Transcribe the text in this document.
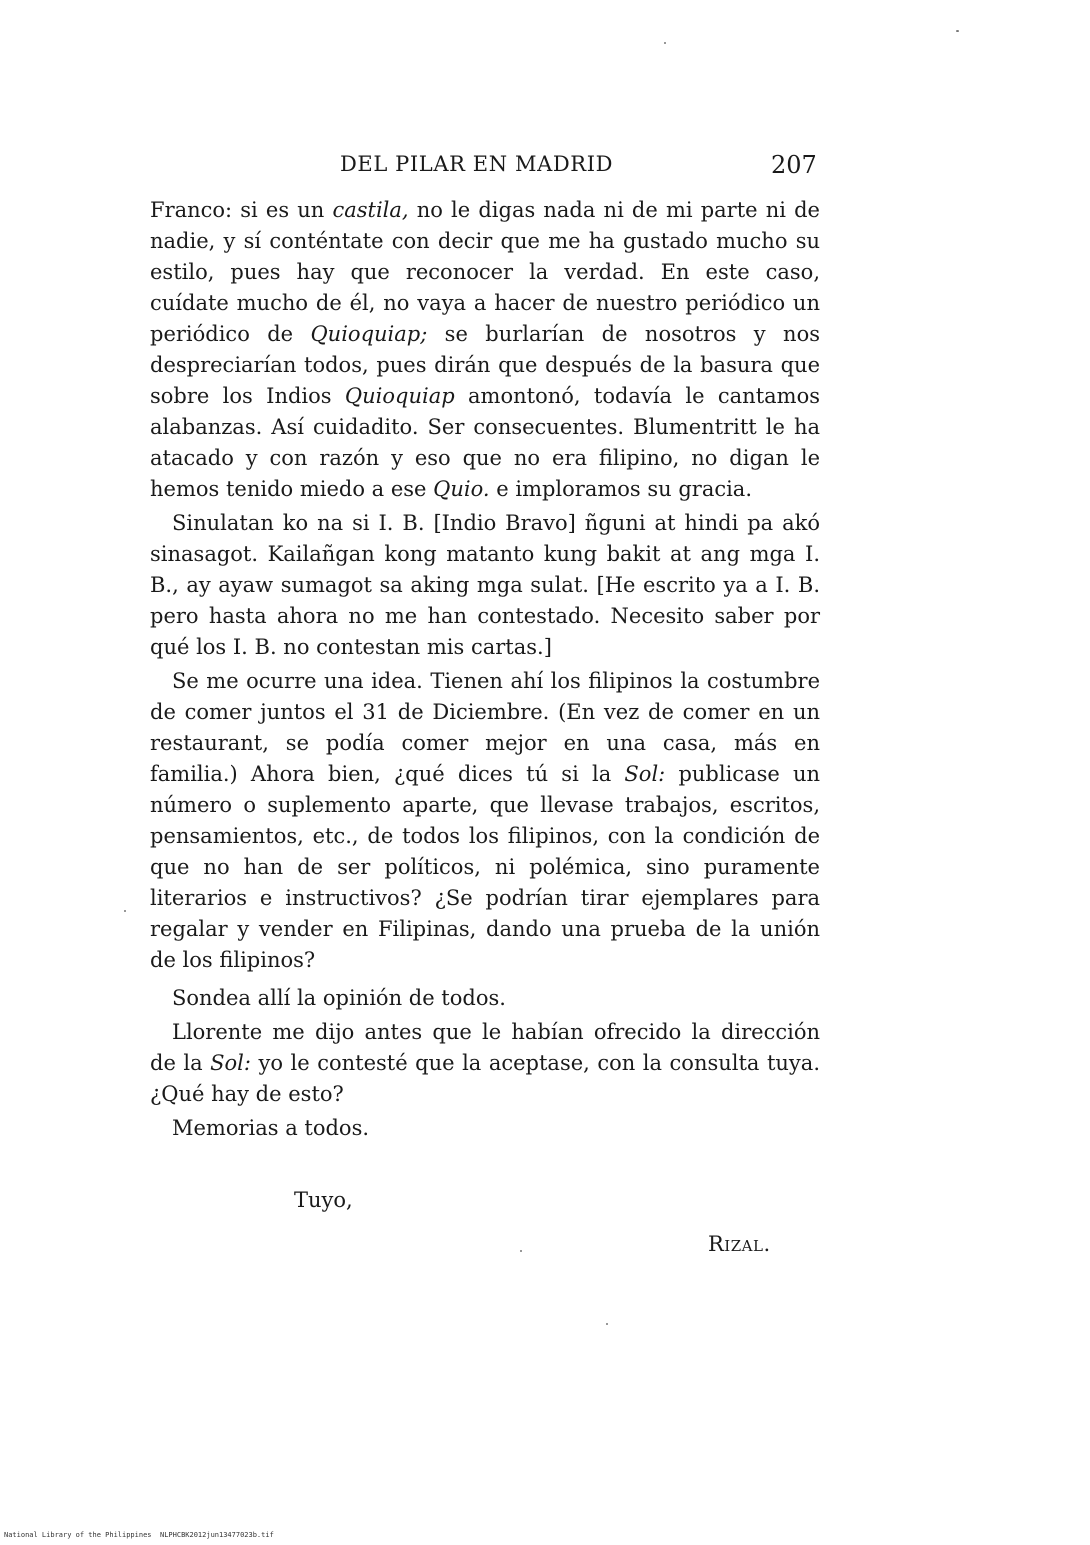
DEL PILAR EN MADRID	207

Franco: si es un castila, no le digas nada ni de mi parte ni de nadie, y sí conténtate con decir que me ha gustado mucho su estilo, pues hay que reconocer la verdad. En este caso, cuídate mucho de él, no vaya a hacer de nuestro periódico un periódico de Quioquiap; se burlarían de nosotros y nos despreciarían todos, pues dirán que después de la basura que sobre los Indios Quioquiap amontonó, todavía le cantamos alabanzas. Así cuidadito. Ser consecuentes. Blumentritt le ha atacado y con razón y eso que no era filipino, no digan le hemos tenido miedo a ese Quio. e imploramos su gracia.

Sinulatan ko na si I. B. [Indio Bravo] ñguni at hindi pa akó sinasagot. Kailañgan kong matanto kung bakit at ang mga I. B., ay ayaw sumagot sa aking mga sulat. [He escrito ya a I. B. pero hasta ahora no me han contestado. Necesito saber por qué los I. B. no contestan mis cartas.]

Se me ocurre una idea. Tienen ahí los filipinos la costumbre de comer juntos el 31 de Diciembre. (En vez de comer en un restaurant, se podía comer mejor en una casa, más en familia.) Ahora bien, ¿qué dices tú si la Sol: publicase un número o suplemento aparte, que llevase trabajos, escritos, pensamientos, etc., de todos los filipinos, con la condición de que no han de ser políticos, ni polémica, sino puramente literarios e instructivos? ¿Se podrían tirar ejemplares para regalar y vender en Filipinas, dando una prueba de la unión de los filipinos?

Sondea allí la opinión de todos.

Llorente me dijo antes que le habían ofrecido la dirección de la Sol: yo le contesté que la aceptase, con la consulta tuya. ¿Qué hay de esto?

Memorias a todos.

Tuyo,
Rizal.
National Library of the Philippines NLPHCBK2012jun13477023b.tif
